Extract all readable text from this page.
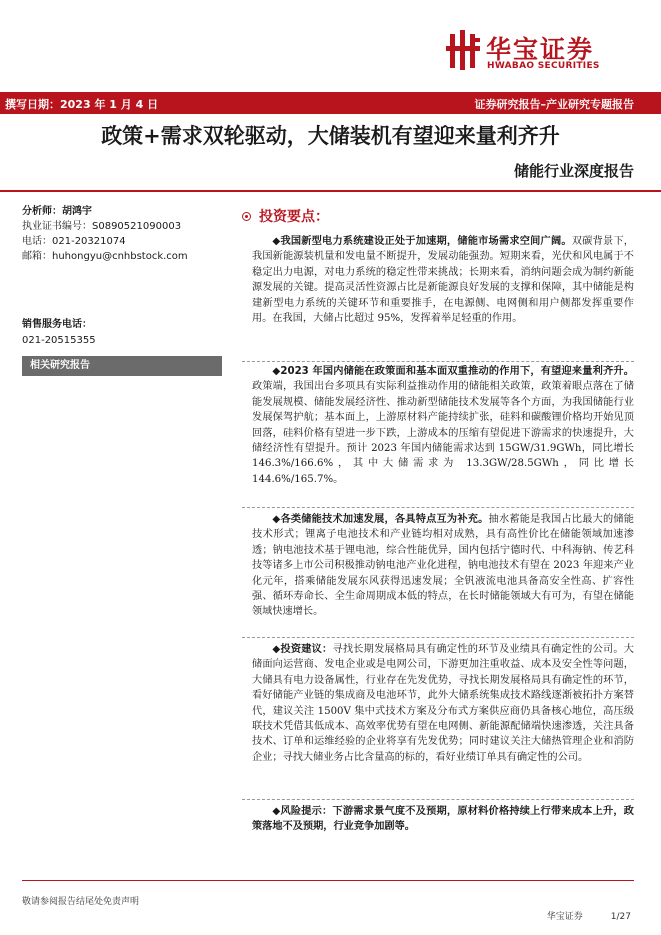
华宝证券
HWABAO SECURITIES
撰写日期：2023 年 1 月 4 日	证券研究报告–产业研究专题报告
政策+需求双轮驱动，大储装机有望迎来量利齐升
储能行业深度报告
分析师：胡鸿宇
执业证书编号：S0890521090003
电话：021-20321074
邮箱：huhongyu@cnhbstock.com
销售服务电话：
021-20515355
相关研究报告
投资要点：

◆我国新型电力系统建设正处于加速期，储能市场需求空间广阔。双碳背景下，我国新能源装机量和发电量不断提升，发展动能强劲。短期来看，光伏和风电属于不稳定出力电源，对电力系统的稳定性带来挑战；长期来看，消纳问题会成为制约新能源发展的关键。提高灵活性资源占比是新能源良好发展的支撑和保障，其中储能是构建新型电力系统的关键环节和重要推手，在电源侧、电网侧和用户侧都发挥重要作用。在我国，大储占比超过 95%，发挥着举足轻重的作用。

◆2023 年国内储能在政策面和基本面双重推动的作用下，有望迎来量利齐升。政策端，我国出台多项具有实际利益推动作用的储能相关政策，政策着眼点落在了储能发展规模、储能发展经济性、推动新型储能技术发展等各个方面，为我国储能行业发展保驾护航；基本面上，上游原材料产能持续扩张，硅料和碳酸锂价格均开始见顶回落，硅料价格有望进一步下跌，上游成本的压缩有望促进下游需求的快速提升，大储经济性有望提升。预计 2023 年国内储能需求达到 15GW/31.9GWh，同比增长 146.3%/166.6%，其中大储需求为 13.3GW/28.5GWh，同比增长 144.6%/165.7%。

◆各类储能技术加速发展，各具特点互为补充。抽水蓄能是我国占比最大的储能技术形式；锂离子电池技术和产业链均相对成熟，具有高性价比在储能领域加速渗透；钠电池技术基于锂电池，综合性能优异，国内包括宁德时代、中科海钠、传艺科技等诸多上市公司积极推动钠电池产业化进程，钠电池技术有望在 2023 年迎来产业化元年，搭乘储能发展东风获得迅速发展；全钒液流电池具备高安全性高、扩容性强、循环寿命长、全生命周期成本低的特点，在长时储能领域大有可为，有望在储能领域快速增长。

◆投资建议：寻找长期发展格局具有确定性的环节及业绩具有确定性的公司。大储面向运营商、发电企业或是电网公司，下游更加注重收益、成本及安全性等问题，大储具有电力设备属性，行业存在先发优势，寻找长期发展格局具有确定性的环节，看好储能产业链的集成商及电池环节，此外大储系统集成技术路线逐渐被拓扑方案替代，建议关注 1500V 集中式技术方案及分布式方案供应商仍具备核心地位，高压级联技术凭借其低成本、高效率优势有望在电网侧、新能源配储端快速渗透，关注具备技术、订单和运维经验的企业将享有先发优势；同时建议关注大储热管理企业和消防企业；寻找大储业务占比含量高的标的，看好业绩订单具有确定性的公司。

◆风险提示：下游需求景气度不及预期，原材料价格持续上行带来成本上升，政策落地不及预期，行业竞争加剧等。

敬请参阅报告结尾处免责声明
华宝证券	1/27
